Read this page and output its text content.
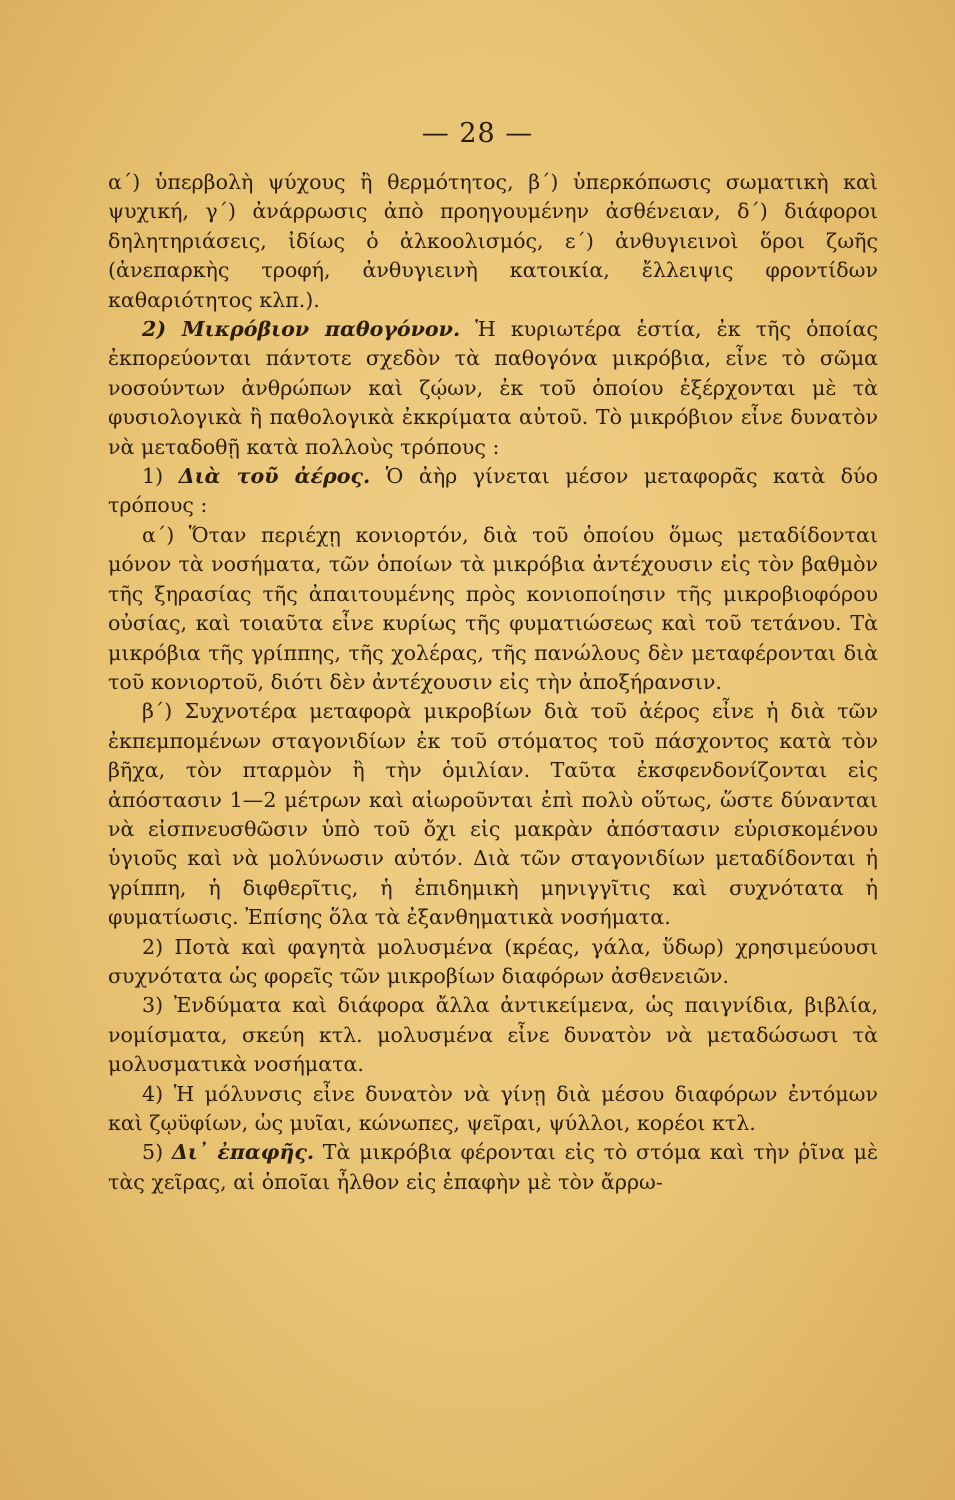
— 28 —

α΄) ὑπερβολὴ ψύχους ἢ θερμότητος, β΄) ὑπερκόπωσις σωματικὴ καὶ ψυχική, γ΄) ἀνάρρωσις ἀπὸ προηγουμένην ἀσθένειαν, δ΄) διάφοροι δηλητηριάσεις, ἰδίως ὁ ἀλκοολισμός, ε΄) ἀνθυγιεινοὶ ὅροι ζωῆς (ἀνεπαρκὴς τροφή, ἀνθυγιεινὴ κατοικία, ἔλλειψις φροντίδων καθαριότητος κλπ.).

2) Μικρόβιον παθογόνον. Ἡ κυριωτέρα ἑστία, ἐκ τῆς ὁποίας ἐκπορεύονται πάντοτε σχεδὸν τὰ παθογόνα μικρόβια, εἶνε τὸ σῶμα νοσούντων ἀνθρώπων καὶ ζῴων, ἐκ τοῦ ὁποίου ἐξέρχονται μὲ τὰ φυσιολογικὰ ἢ παθολογικὰ ἐκκρίματα αὐτοῦ. Τὸ μικρόβιον εἶνε δυνατὸν νὰ μεταδοθῇ κατὰ πολλοὺς τρόπους :

1) Διὰ τοῦ ἀέρος. Ὁ ἀὴρ γίνεται μέσον μεταφορᾶς κατὰ δύο τρόπους :

α΄) Ὅταν περιέχῃ κονιορτόν, διὰ τοῦ ὁποίου ὅμως μεταδίδονται μόνον τὰ νοσήματα, τῶν ὁποίων τὰ μικρόβια ἀντέχουσιν εἰς τὸν βαθμὸν τῆς ξηρασίας τῆς ἀπαιτουμένης πρὸς κονιοποίησιν τῆς μικροβιοφόρου οὐσίας, καὶ τοιαῦτα εἶνε κυρίως τῆς φυματιώσεως καὶ τοῦ τετάνου. Τὰ μικρόβια τῆς γρίππης, τῆς χολέρας, τῆς πανώλους δὲν μεταφέρονται διὰ τοῦ κονιορτοῦ, διότι δὲν ἀντέχουσιν εἰς τὴν ἀποξήρανσιν.

β΄) Συχνοτέρα μεταφορὰ μικροβίων διὰ τοῦ ἀέρος εἶνε ἡ διὰ τῶν ἐκπεμπομένων σταγονιδίων ἐκ τοῦ στόματος τοῦ πάσχοντος κατὰ τὸν βῆχα, τὸν πταρμὸν ἢ τὴν ὁμιλίαν. Ταῦτα ἐκσφενδονίζονται εἰς ἀπόστασιν 1—2 μέτρων καὶ αἰωροῦνται ἐπὶ πολὺ οὕτως, ὥστε δύνανται νὰ εἰσπνευσθῶσιν ὑπὸ τοῦ ὄχι εἰς μακρὰν ἀπόστασιν εὑρισκομένου ὑγιοῦς καὶ νὰ μολύνωσιν αὐτόν. Διὰ τῶν σταγονιδίων μεταδίδονται ἡ γρίππη, ἡ διφθερῖτις, ἡ ἐπιδημικὴ μηνιγγῖτις καὶ συχνότατα ἡ φυματίωσις. Ἐπίσης ὅλα τὰ ἐξανθηματικὰ νοσήματα.

2) Ποτὰ καὶ φαγητὰ μολυσμένα (κρέας, γάλα, ὕδωρ) χρησιμεύουσι συχνότατα ὡς φορεῖς τῶν μικροβίων διαφόρων ἀσθενειῶν.

3) Ἐνδύματα καὶ διάφορα ἄλλα ἀντικείμενα, ὡς παιγνίδια, βιβλία, νομίσματα, σκεύη κτλ. μολυσμένα εἶνε δυνατὸν νὰ μεταδώσωσι τὰ μολυσματικὰ νοσήματα.

4) Ἡ μόλυνσις εἶνε δυνατὸν νὰ γίνῃ διὰ μέσου διαφόρων ἐντόμων καὶ ζῳϋφίων, ὡς μυῖαι, κώνωπες, ψεῖραι, ψύλλοι, κορέοι κτλ.

5) Δι᾿ ἐπαφῆς. Τὰ μικρόβια φέρονται εἰς τὸ στόμα καὶ τὴν ῥῖνα μὲ τὰς χεῖρας, αἱ ὁποῖαι ἦλθον εἰς ἐπαφὴν μὲ τὸν ἄρρω-
